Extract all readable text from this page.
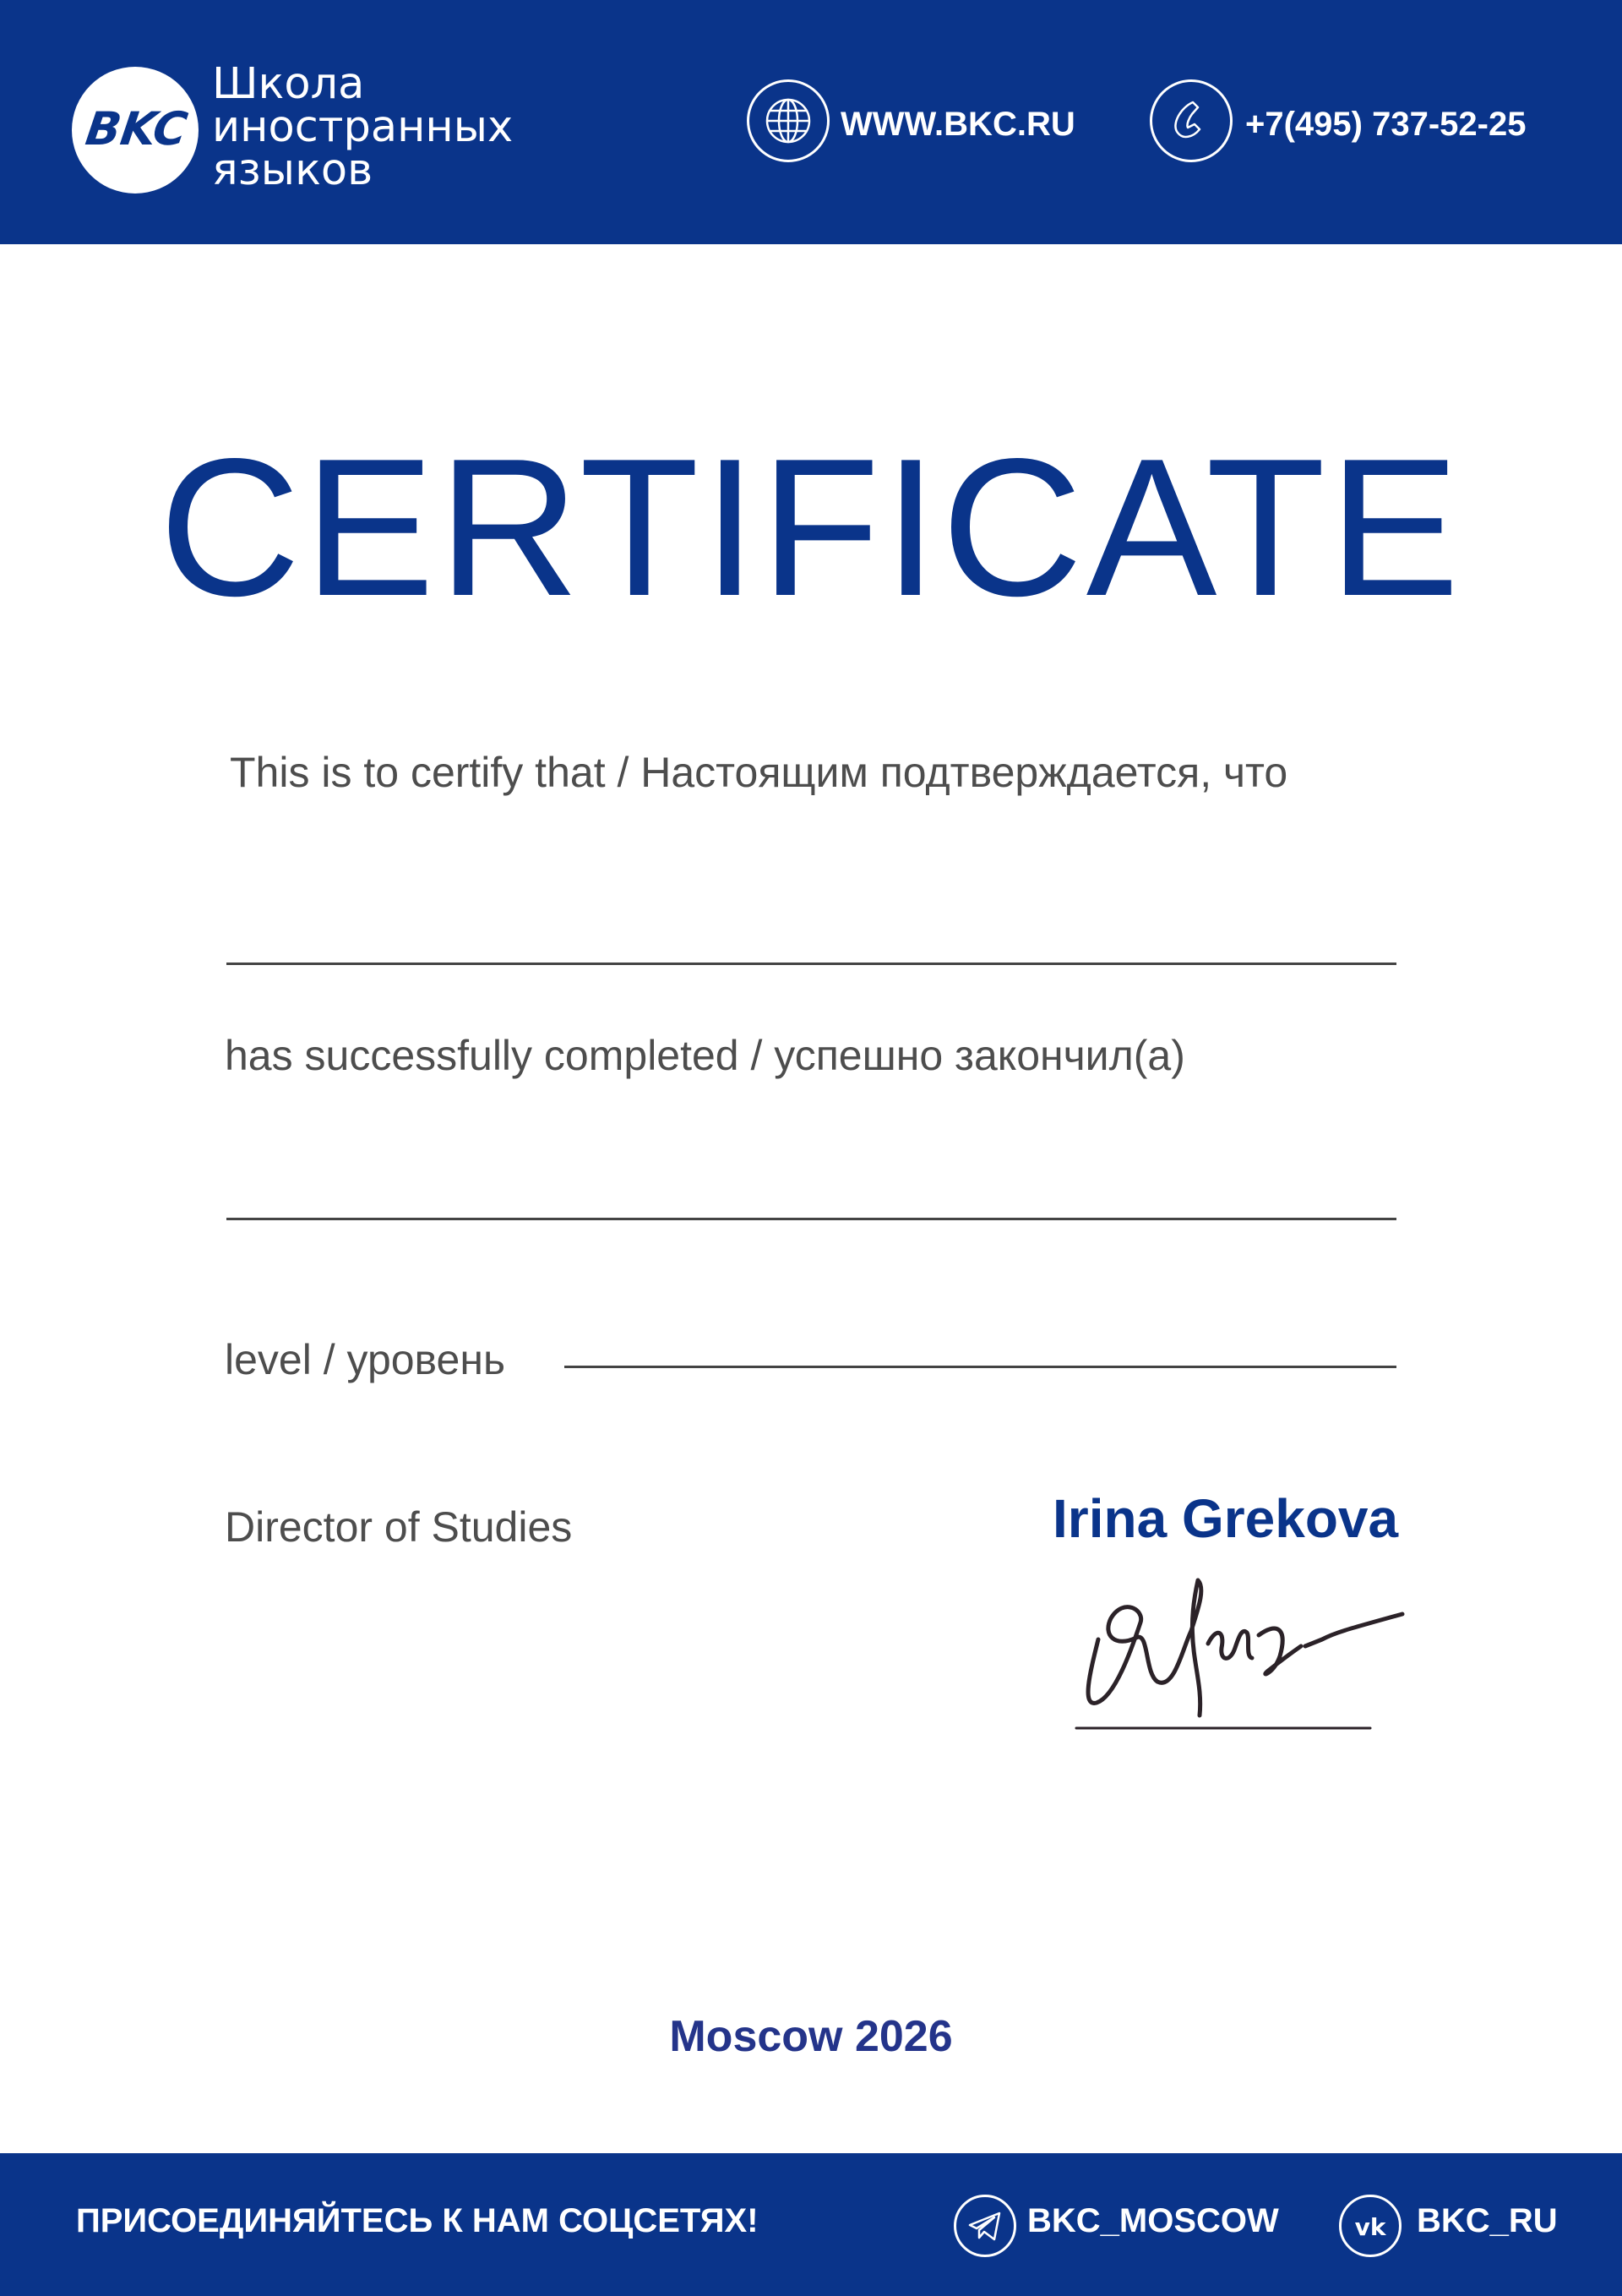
BKC
Школа
иностранных
языков
WWW.BKC.RU	+7(495) 737-52-25
CERTIFICATE
This is to certify that / Настоящим подтверждается, что
has successfully completed / успешно закончил(а)
level / уровень
Director of Studies	Irina Grekova
Moscow 2026
ПРИСОЕДИНЯЙТЕСЬ К НАМ СОЦСЕТЯХ!	BKC_MOSCOW	vk BKC_RU
